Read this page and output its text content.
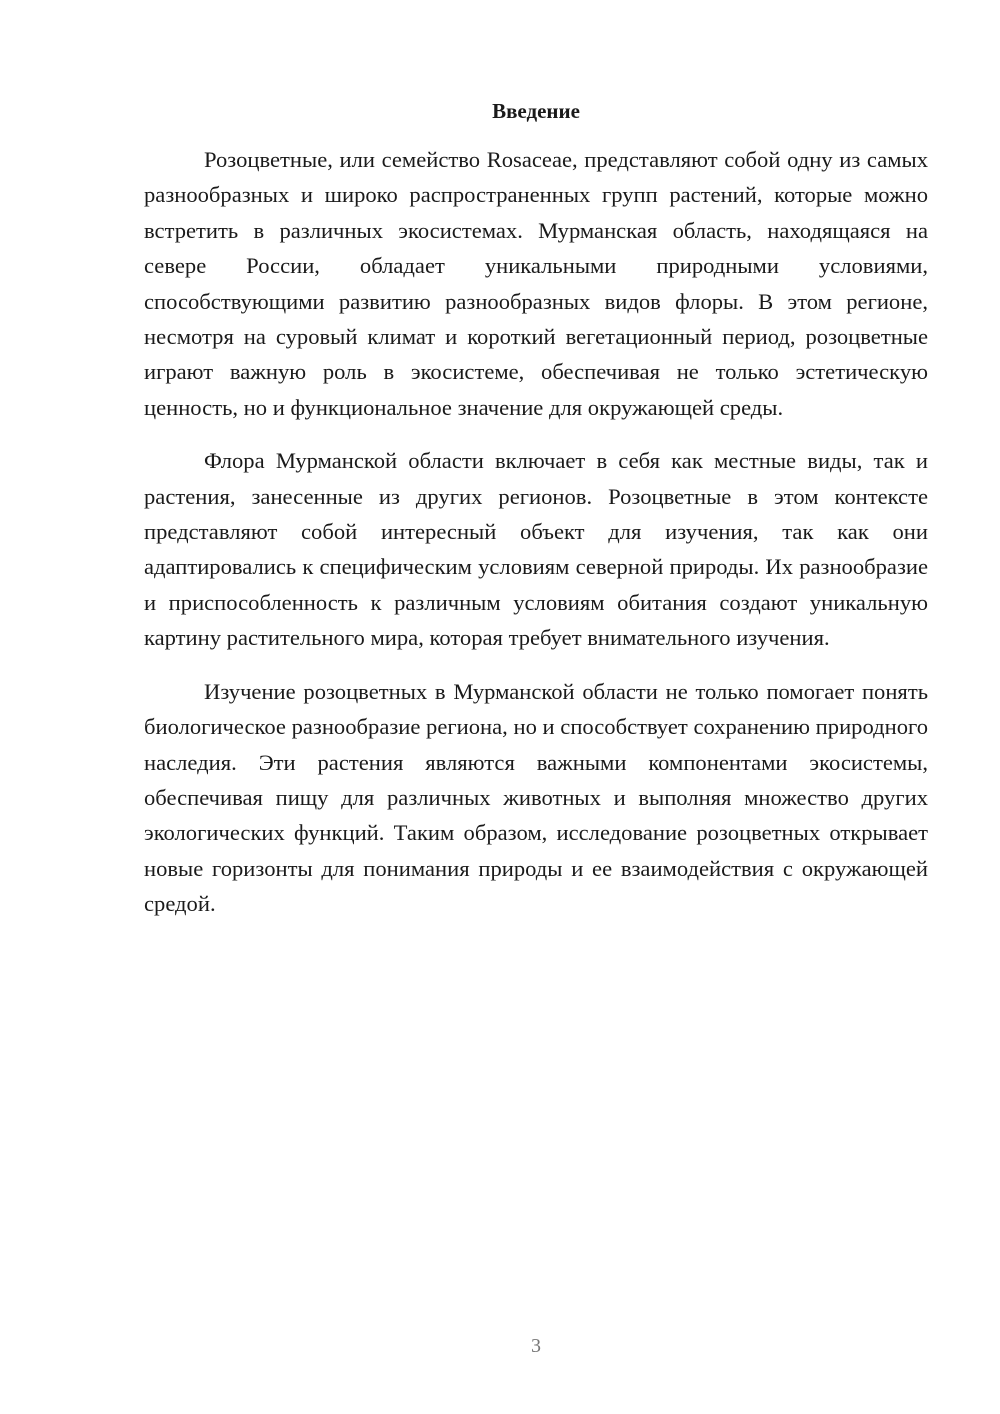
Введение

Розоцветные, или семейство Rosaceae, представляют собой одну из самых разнообразных и широко распространенных групп растений, которые можно встретить в различных экосистемах. Мурманская область, находящаяся на севере России, обладает уникальными природными условиями, способствующими развитию разнообразных видов флоры. В этом регионе, несмотря на суровый климат и короткий вегетационный период, розоцветные играют важную роль в экосистеме, обеспечивая не только эстетическую ценность, но и функциональное значение для окружающей среды.

Флора Мурманской области включает в себя как местные виды, так и растения, занесенные из других регионов. Розоцветные в этом контексте представляют собой интересный объект для изучения, так как они адаптировались к специфическим условиям северной природы. Их разнообразие и приспособленность к различным условиям обитания создают уникальную картину растительного мира, которая требует внимательного изучения.

Изучение розоцветных в Мурманской области не только помогает понять биологическое разнообразие региона, но и способствует сохранению природного наследия. Эти растения являются важными компонентами экосистемы, обеспечивая пищу для различных животных и выполняя множество других экологических функций. Таким образом, исследование розоцветных открывает новые горизонты для понимания природы и ее взаимодействия с окружающей средой.

3
